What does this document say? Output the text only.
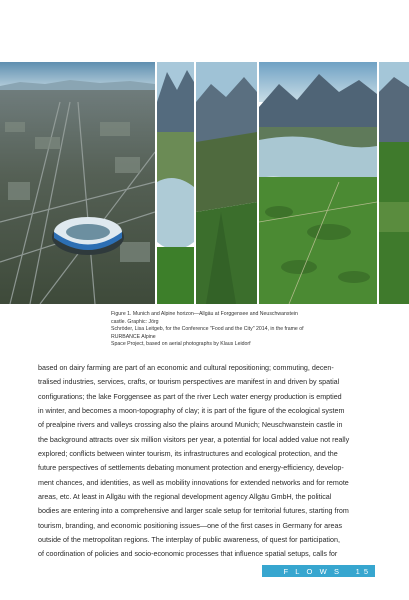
Figure 1. Munich and Alpine horizon—Allgäu at Forggensee and Neuschwanstein castle. Graphic: Jörg
Schröder, Lisa Leitgeb, for the Conference "Food and the City" 2014, in the frame of RURBANCE Alpine
Space Project, based on aerial photographs by Klaus Leidorf
based on dairy farming are part of an economic and cultural repositioning; commuting, decen-
tralised industries, services, crafts, or tourism perspectives are manifest in and driven by spatial
configurations; the lake Forggensee as part of the river Lech water energy production is emptied
in winter, and becomes a moon-topography of clay; it is part of the figure of the ecological system
of prealpine rivers and valleys crossing also the plains around Munich; Neuschwanstein castle in
the background attracts over six million visitors per year, a potential for local added value not really
explored; conflicts between winter tourism, its infrastructures and ecological protection, and the
future perspectives of settlements debating monument protection and energy-efficiency, develop-
ment chances, and identities, as well as mobility innovations for extended networks and for remote
areas, etc. At least in Allgäu with the regional development agency Allgäu GmbH, the political
bodies are entering into a comprehensive and larger scale setup for territorial futures, starting from
tourism, branding, and economic positioning issues—one of the first cases in Germany for areas
outside of the metropolitan regions. The interplay of public awareness, of quest for participation,
of coordination of policies and socio-economic processes that influence spatial setups, calls for
F L O W S 1 5
